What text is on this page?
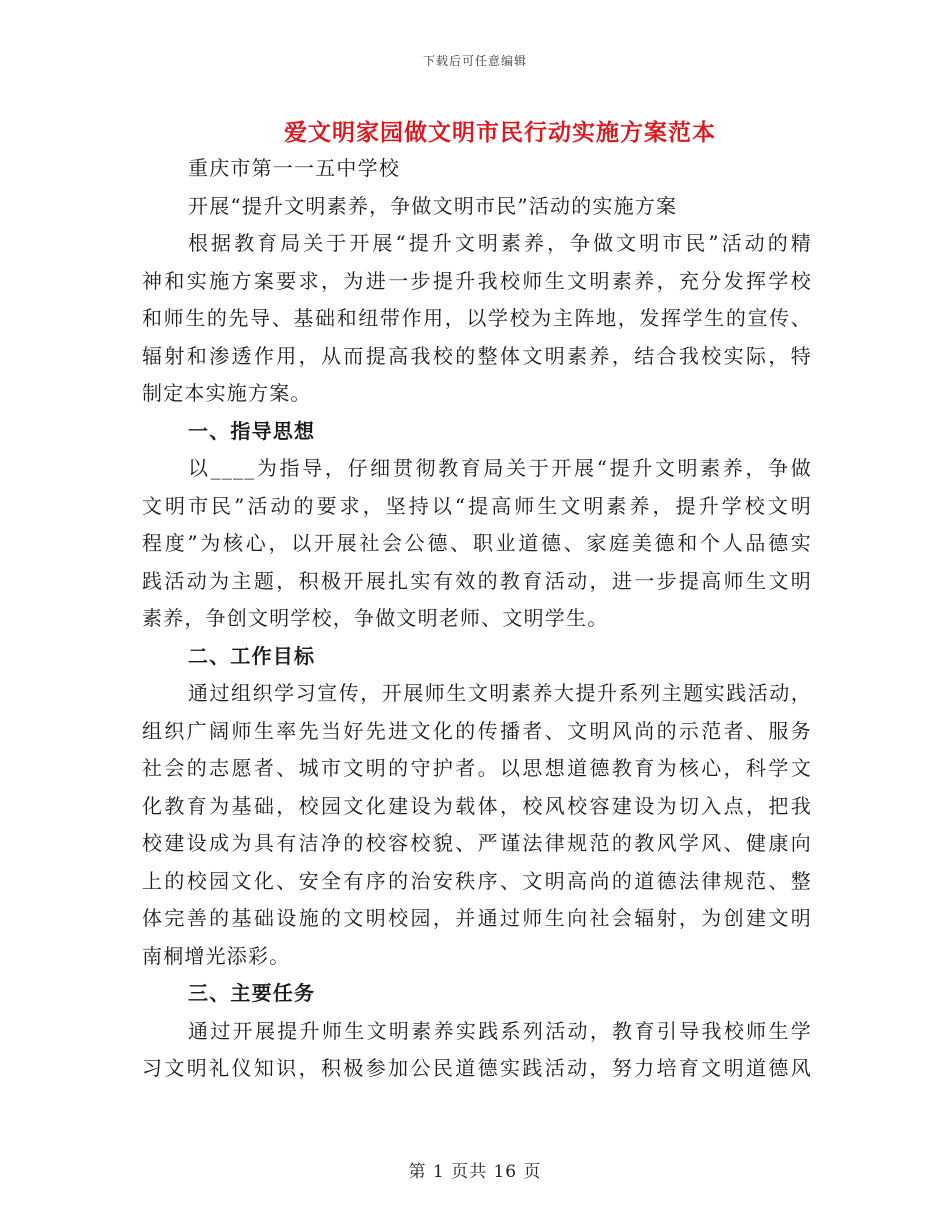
下载后可任意编辑
爱文明家园做文明市民行动实施方案范本

重庆市第一一五中学校

开展“提升文明素养，争做文明市民”活动的实施方案

根据教育局关于开展“提升文明素养，争做文明市民”活动的精

神和实施方案要求，为进一步提升我校师生文明素养，充分发挥学校

和师生的先导、基础和纽带作用，以学校为主阵地，发挥学生的宣传、

辐射和渗透作用，从而提高我校的整体文明素养，结合我校实际，特

制定本实施方案。

一、指导思想

以____为指导，仔细贯彻教育局关于开展“提升文明素养，争做

文明市民”活动的要求，坚持以“提高师生文明素养，提升学校文明

程度”为核心，以开展社会公德、职业道德、家庭美德和个人品德实

践活动为主题，积极开展扎实有效的教育活动，进一步提高师生文明

素养，争创文明学校，争做文明老师、文明学生。

二、工作目标

通过组织学习宣传，开展师生文明素养大提升系列主题实践活动，

组织广阔师生率先当好先进文化的传播者、文明风尚的示范者、服务

社会的志愿者、城市文明的守护者。以思想道德教育为核心，科学文

化教育为基础，校园文化建设为载体，校风校容建设为切入点，把我

校建设成为具有洁净的校容校貌、严谨法律规范的教风学风、健康向

上的校园文化、安全有序的治安秩序、文明高尚的道德法律规范、整

体完善的基础设施的文明校园，并通过师生向社会辐射，为创建文明

南桐增光添彩。

三、主要任务

通过开展提升师生文明素养实践系列活动，教育引导我校师生学

习文明礼仪知识，积极参加公民道德实践活动，努力培育文明道德风

第 1 页共 16 页
